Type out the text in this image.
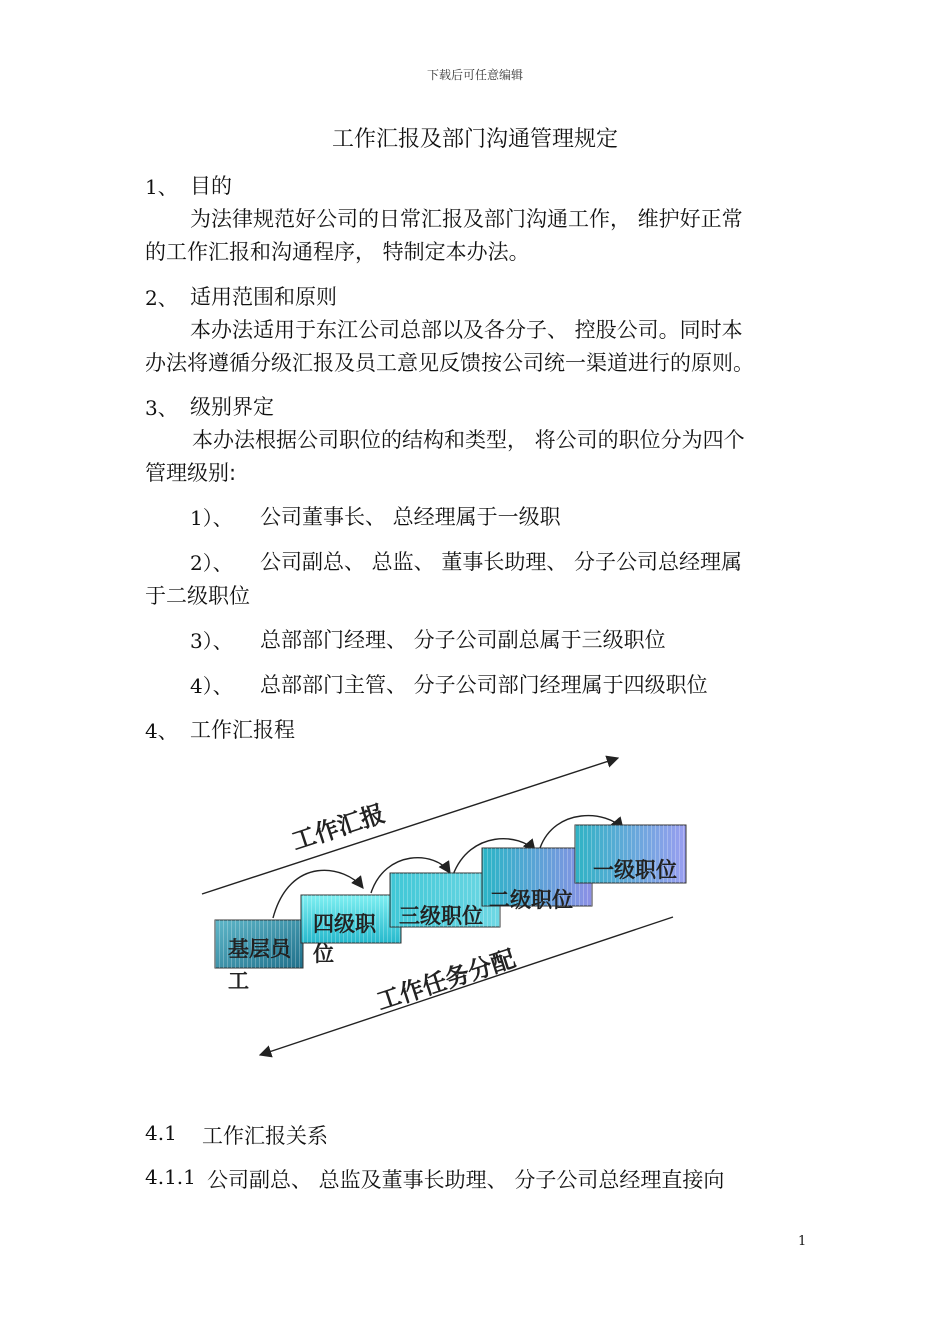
下载后可任意编辑
工作汇报及部门沟通管理规定
1、 目的
为法律规范好公司的日常汇报及部门沟通工作， 维护好正常
的工作汇报和沟通程序， 特制定本办法。
2、 适用范围和原则
本办法适用于东江公司总部以及各分子、 控股公司。同时本
办法将遵循分级汇报及员工意见反馈按公司统一渠道进行的原则。
3、 级别界定
本办法根据公司职位的结构和类型， 将公司的职位分为四个
管理级别:
1）、 公司董事长、 总经理属于一级职
2）、 公司副总、 总监、 董事长助理、 分子公司总经理属
于二级职位
3）、 总部部门经理、 分子公司副总属于三级职位
4）、 总部部门主管、 分子公司部门经理属于四级职位
4、 工作汇报程
工作汇报
工作任务分配
基层员
工
四级职
位
三级职位
二级职位
一级职位
4.1 工作汇报关系
4.1.1 公司副总、 总监及董事长助理、 分子公司总经理直接向
1
